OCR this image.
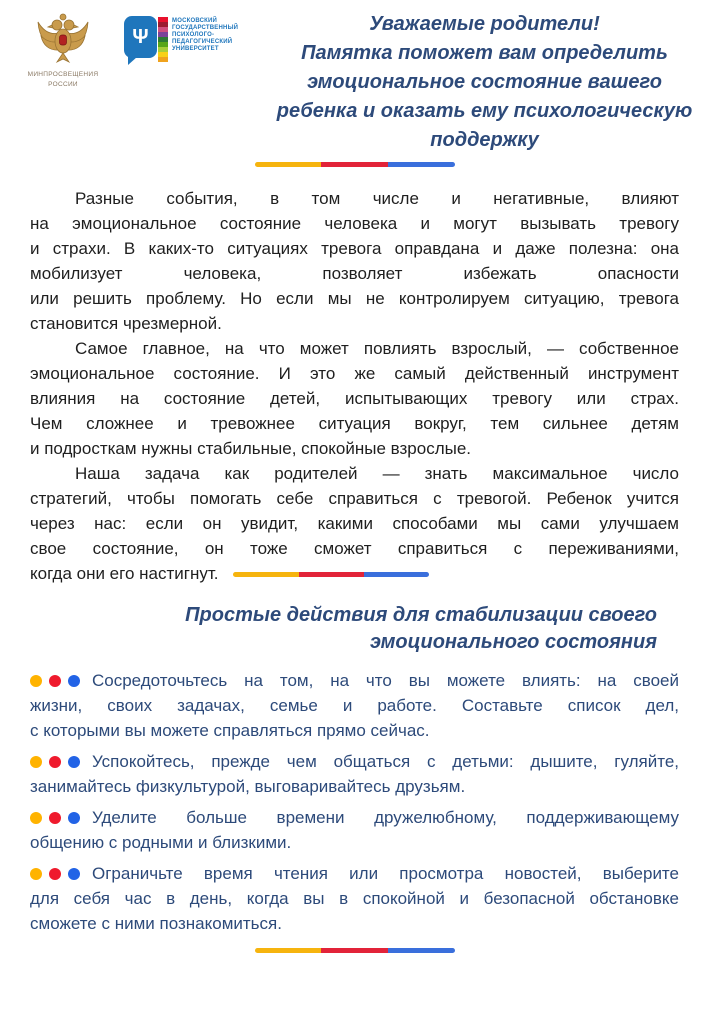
МИНПРОСВЕЩЕНИЯ
РОССИИ
Ψ
МОСКОВСКИЙ
ГОСУДАРСТВЕННЫЙ
ПСИХОЛОГО-
ПЕДАГОГИЧЕСКИЙ
УНИВЕРСИТЕТ
Уважаемые родители!
Памятка поможет вам определить
эмоциональное состояние вашего
ребенка и оказать ему психологическую
поддержку
Разные события, в том числе и негативные, влияют
на эмоциональное состояние человека и могут вызывать тревогу
и страхи. В каких-то ситуациях тревога оправдана и даже полезна: она
мобилизует человека, позволяет избежать опасности
или решить проблему. Но если мы не контролируем ситуацию, тревога
становится чрезмерной.
Самое главное, на что может повлиять взрослый, — собственное
эмоциональное состояние. И это же самый действенный инструмент
влияния на состояние детей, испытывающих тревогу или страх.
Чем сложнее и тревожнее ситуация вокруг, тем сильнее детям
и подросткам нужны стабильные, спокойные взрослые.
Наша задача как родителей — знать максимальное число
стратегий, чтобы помогать себе справиться с тревогой. Ребенок учится
через нас: если он увидит, какими способами мы сами улучшаем
свое состояние, он тоже сможет справиться с переживаниями,
когда они его настигнут.
Простые действия для стабилизации своего
эмоционального состояния
Сосредоточьтесь на том, на что вы можете влиять: на своей
жизни, своих задачах, семье и работе. Составьте список дел,
с которыми вы можете справляться прямо сейчас.
Успокойтесь, прежде чем общаться с детьми: дышите, гуляйте,
занимайтесь физкультурой, выговаривайтесь друзьям.
Уделите больше времени дружелюбному, поддерживающему
общению с родными и близкими.
Ограничьте время чтения или просмотра новостей, выберите
для себя час в день, когда вы в спокойной и безопасной обстановке
сможете с ними познакомиться.
